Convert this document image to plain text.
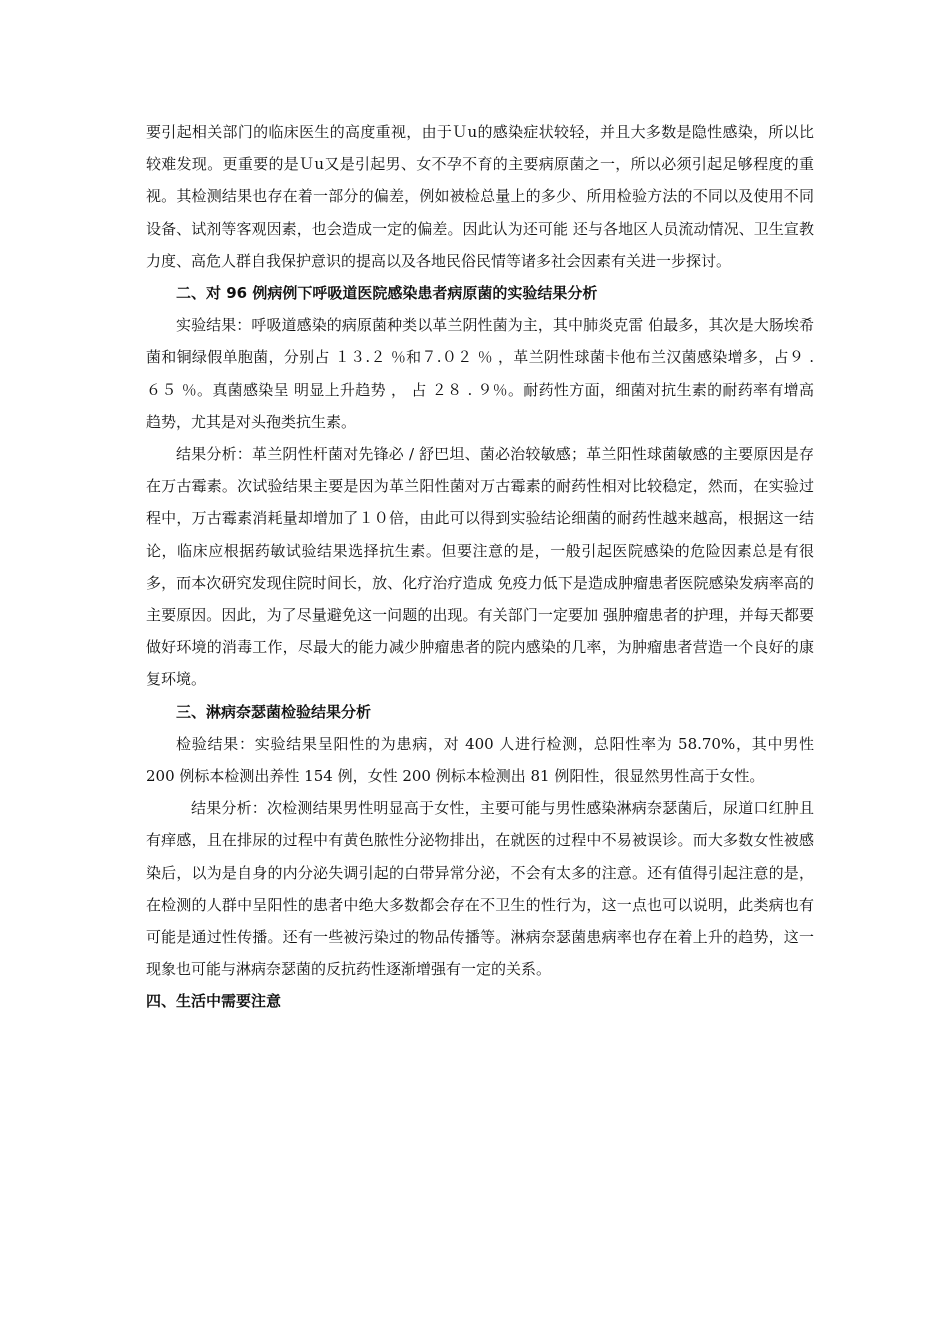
要引起相关部门的临床医生的高度重视，由于Ｕu的感染症状较轻，并且大多数是隐性感染，所以比较难发现。更重要的是Ｕu又是引起男、女不孕不育的主要病原菌之一，所以必须引起足够程度的重视。其检测结果也存在着一部分的偏差，例如被检总量上的多少、所用检验方法的不同以及使用不同设备、试剂等客观因素，也会造成一定的偏差。因此认为还可能 还与各地区人员流动情况、卫生宣教力度、高危人群自我保护意识的提高以及各地民俗民情等诸多社会因素有关进一步探讨。

二、对 96 例病例下呼吸道医院感染患者病原菌的实验结果分析

实验结果：呼吸道感染的病原菌种类以革兰阴性菌为主，其中肺炎克雷 伯最多，其次是大肠埃希菌和铜绿假单胞菌，分别占 １３.２ ％和７.０２ ％ ，革兰阴性球菌卡他布兰汉菌感染增多，占９ .６５ ％。真菌感染呈 明显上升趋势 ， 占 ２８ . ９％。耐药性方面，细菌对抗生素的耐药率有增高趋势，尤其是对头孢类抗生素。

结果分析：革兰阴性杆菌对先锋必 / 舒巴坦、菌必治较敏感；革兰阳性球菌敏感的主要原因是存在万古霉素。次试验结果主要是因为革兰阳性菌对万古霉素的耐药性相对比较稳定，然而，在实验过程中，万古霉素消耗量却增加了１０倍，由此可以得到实验结论细菌的耐药性越来越高，根据这一结论，临床应根据药敏试验结果选择抗生素。但要注意的是，一般引起医院感染的危险因素总是有很多，而本次研究发现住院时间长，放、化疗治疗造成 免疫力低下是造成肿瘤患者医院感染发病率高的主要原因。因此，为了尽量避免这一问题的出现。有关部门一定要加 强肿瘤患者的护理，并每天都要做好环境的消毒工作，尽最大的能力减少肿瘤患者的院内感染的几率，为肿瘤患者营造一个良好的康复环境。

三、淋病奈瑟菌检验结果分析

检验结果：实验结果呈阳性的为患病，对 400 人进行检测，总阳性率为 58.70%，其中男性 200 例标本检测出养性 154 例，女性 200 例标本检测出 81 例阳性，很显然男性高于女性。

结果分析：次检测结果男性明显高于女性，主要可能与男性感染淋病奈瑟菌后，尿道口红肿且有痒感，且在排尿的过程中有黄色脓性分泌物排出，在就医的过程中不易被误诊。而大多数女性被感染后，以为是自身的内分泌失调引起的白带异常分泌，不会有太多的注意。还有值得引起注意的是，在检测的人群中呈阳性的患者中绝大多数都会存在不卫生的性行为，这一点也可以说明，此类病也有可能是通过性传播。还有一些被污染过的物品传播等。淋病奈瑟菌患病率也存在着上升的趋势，这一现象也可能与淋病奈瑟菌的反抗药性逐渐增强有一定的关系。

四、生活中需要注意
